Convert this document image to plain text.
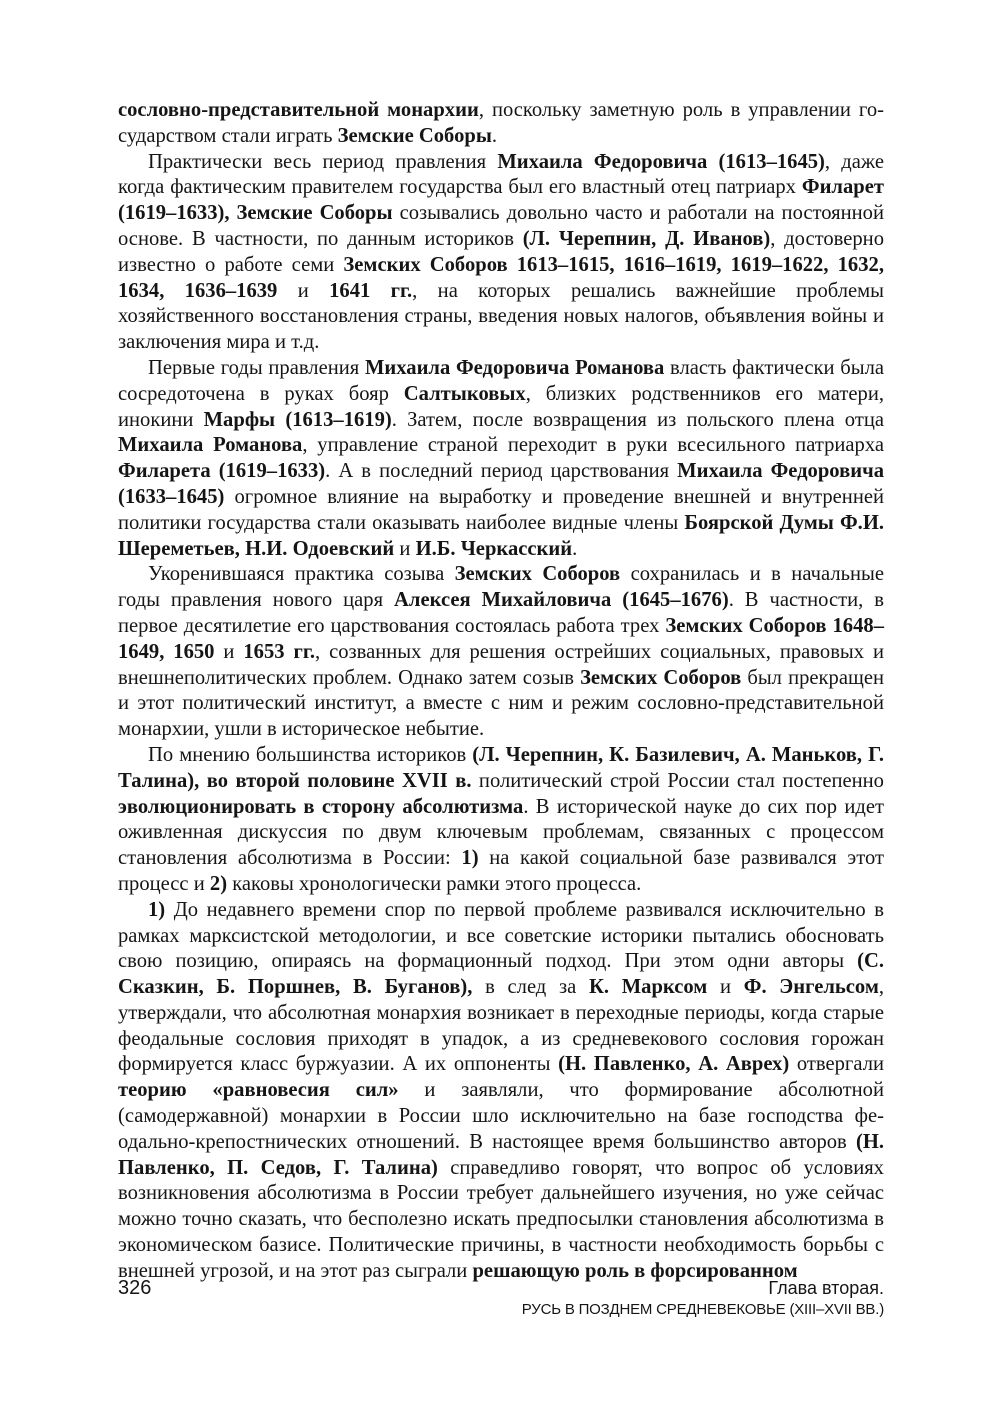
сословно-представительной монархии, поскольку заметную роль в управлении государством стали играть Земские Соборы.

Практически весь период правления Михаила Федоровича (1613–1645), даже когда фактическим правителем государства был его властный отец патриарх Филарет (1619–1633), Земские Соборы созывались довольно часто и работали на постоянной основе. В частности, по данным историков (Л. Черепнин, Д. Иванов), достоверно известно о работе семи Земских Соборов 1613–1615, 1616–1619, 1619–1622, 1632, 1634, 1636–1639 и 1641 гг., на которых решались важнейшие проблемы хозяйственного восстановления страны, введения новых налогов, объявления войны и заключения мира и т.д.

Первые годы правления Михаила Федоровича Романова власть фактически была сосредоточена в руках бояр Салтыковых, близких родственников его матери, инокини Марфы (1613–1619). Затем, после возвращения из польского плена отца Михаила Романова, управление страной переходит в руки всесильного патриарха Филарета (1619–1633). А в последний период царствования Михаила Федоровича (1633–1645) огромное влияние на выработку и проведение внешней и внутренней политики государства стали оказывать наиболее видные члены Боярской Думы Ф.И. Шереметьев, Н.И. Одоевский и И.Б. Черкасский.

Укоренившаяся практика созыва Земских Соборов сохранилась и в начальные годы правления нового царя Алексея Михайловича (1645–1676). В частности, в первое десятилетие его царствования состоялась работа трех Земских Соборов 1648–1649, 1650 и 1653 гг., созванных для решения острейших социальных, правовых и внешнеполитических проблем. Однако затем созыв Земских Соборов был прекращен и этот политический институт, а вместе с ним и режим сословно-представительной монархии, ушли в историческое небытие.

По мнению большинства историков (Л. Черепнин, К. Базилевич, А. Маньков, Г. Талина), во второй половине XVII в. политический строй России стал постепенно эволюционировать в сторону абсолютизма. В исторической науке до сих пор идет оживленная дискуссия по двум ключевым проблемам, связанных с процессом становления абсолютизма в России: 1) на какой социальной базе развивался этот процесс и 2) каковы хронологически рамки этого процесса.

1) До недавнего времени спор по первой проблеме развивался исключительно в рамках марксистской методологии, и все советские историки пытались обосновать свою позицию, опираясь на формационный подход. При этом одни авторы (С. Сказкин, Б. Поршнев, В. Буганов), в след за К. Марксом и Ф. Энгельсом, утверждали, что абсолютная монархия возникает в переходные периоды, когда старые феодальные сословия приходят в упадок, а из средневекового сословия горожан формируется класс буржуазии. А их оппоненты (Н. Павленко, А. Аврех) отвергали теорию «равновесия сил» и заявляли, что формирование абсолютной (самодержавной) монархии в России шло исключительно на базе господства феодально-крепостнических отношений. В настоящее время большинство авторов (Н. Павленко, П. Седов, Г. Талина) справедливо говорят, что вопрос об условиях возникновения абсолютизма в России требует дальнейшего изучения, но уже сейчас можно точно сказать, что бесполезно искать предпосылки становления абсолютизма в экономическом базисе. Политические причины, в частности необходимость борьбы с внешней угрозой, и на этот раз сыграли решающую роль в форсированном

326	Глава вторая.
РУСЬ В ПОЗДНЕМ СРЕДНЕВЕКОВЬЕ (XIII–XVII ВВ.)
